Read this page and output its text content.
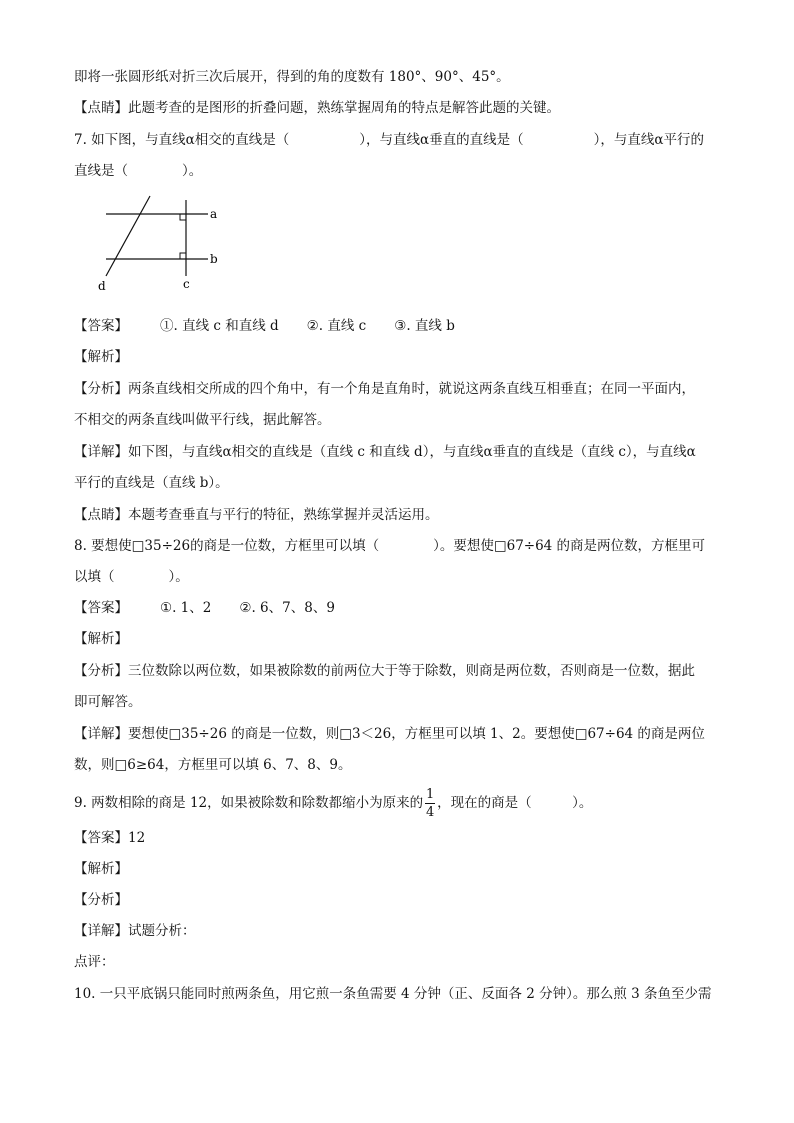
即将一张圆形纸对折三次后展开，得到的角的度数有 180°、90°、45°。
【点睛】此题考查的是图形的折叠问题，熟练掌握周角的特点是解答此题的关键。
7. 如下图，与直线α相交的直线是（	），与直线α垂直的直线是（	），与直线α平行的
直线是（　　　　）。
a
b
c
d
【答案】 ①. 直线 c 和直线 d ②. 直线 c ③. 直线 b
【解析】
【分析】两条直线相交所成的四个角中，有一个角是直角时，就说这两条直线互相垂直；在同一平面内，
不相交的两条直线叫做平行线，据此解答。
【详解】如下图，与直线α相交的直线是（直线 c 和直线 d），与直线α垂直的直线是（直线 c），与直线α
平行的直线是（直线 b）。
【点睛】本题考查垂直与平行的特征，熟练掌握并灵活运用。
8. 要想使□35÷26的商是一位数，方框里可以填（　　　　）。要想使□67÷64 的商是两位数，方框里可
以填（　　　　）。
【答案】 ①. 1、2 ②. 6、7、8、9
【解析】
【分析】三位数除以两位数，如果被除数的前两位大于等于除数，则商是两位数，否则商是一位数，据此
即可解答。
【详解】要想使□35÷26 的商是一位数，则□3＜26，方框里可以填 1、2。要想使□67÷64 的商是两位
数，则□6≥64，方框里可以填 6、7、8、9。
9. 两数相除的商是 12，如果被除数和除数都缩小为原来的 $\frac{1}{4}$ ，现在的商是（　　　）。
【答案】12
【解析】
【分析】
【详解】试题分析：
点评：
10. 一只平底锅只能同时煎两条鱼，用它煎一条鱼需要 4 分钟（正、反面各 2 分钟）。那么煎 3 条鱼至少需
